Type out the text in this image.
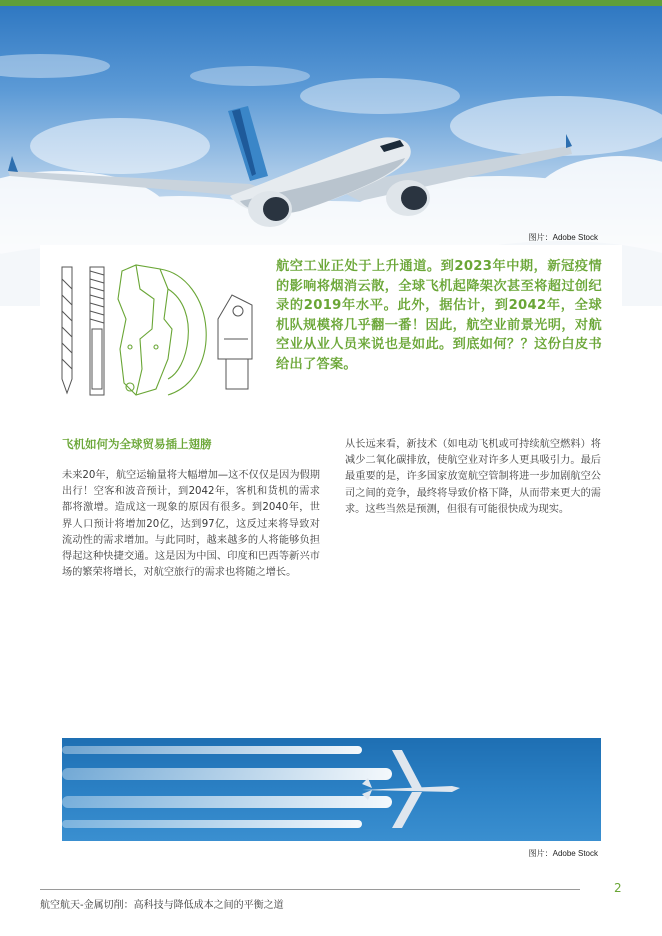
图片：Adobe Stock

航空工业正处于上升通道。到2023年中期，新冠疫情的影响将烟消云散，全球飞机起降架次甚至将超过创纪录的2019年水平。此外，据估计，到2042年，全球机队规模将几乎翻一番！因此，航空业前景光明，对航空业从业人员来说也是如此。到底如何？？这份白皮书给出了答案。

飞机如何为全球贸易插上翅膀

未来20年，航空运输量将大幅增加—这不仅仅是因为假期出行！空客和波音预计，到2042年，客机和货机的需求都将激增。造成这一现象的原因有很多。到2040年，世界人口预计将增加20亿，达到97亿，这反过来将导致对流动性的需求增加。与此同时，越来越多的人将能够负担得起这种快捷交通。这是因为中国、印度和巴西等新兴市场的繁荣将增长，对航空旅行的需求也将随之增长。

从长远来看，新技术（如电动飞机或可持续航空燃料）将减少二氧化碳排放，使航空业对许多人更具吸引力。最后最重要的是，许多国家放宽航空管制将进一步加剧航空公司之间的竞争，最终将导致价格下降，从而带来更大的需求。这些当然是预测，但很有可能很快成为现实。

图片：Adobe Stock
航空航天-金属切削：高科技与降低成本之间的平衡之道
2
